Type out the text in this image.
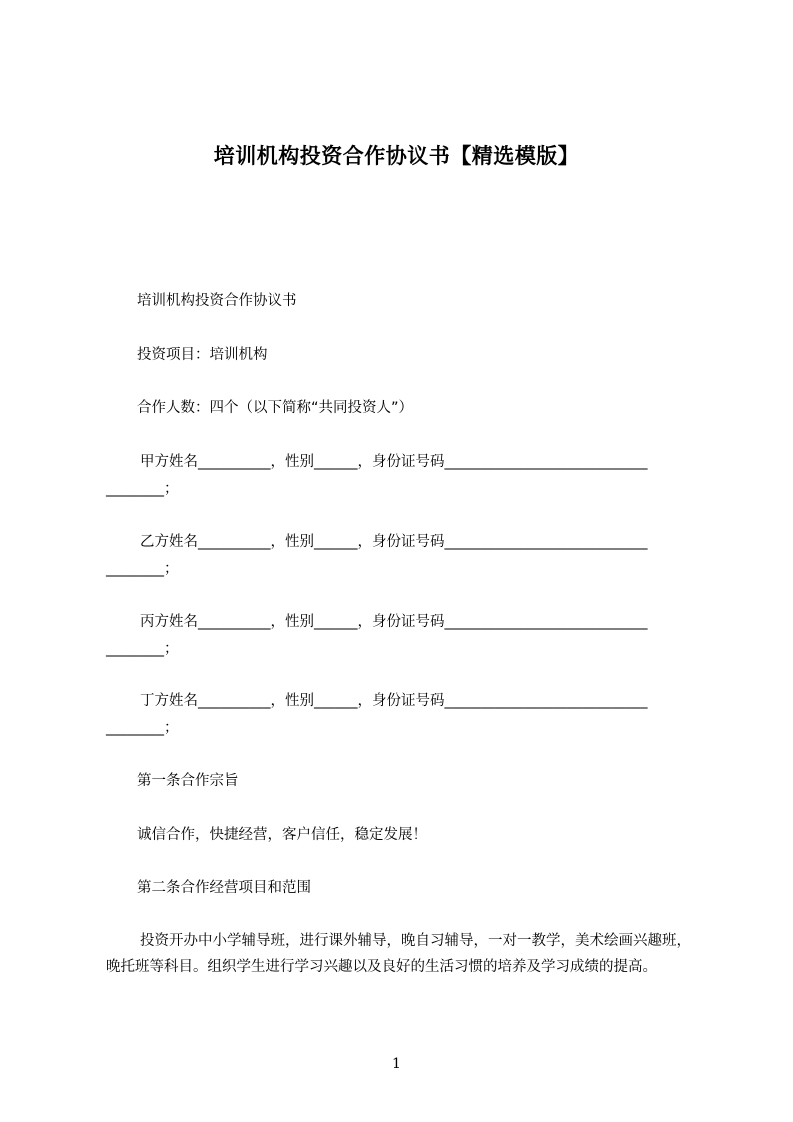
培训机构投资合作协议书【精选模版】
培训机构投资合作协议书
投资项目：培训机构
合作人数：四个（以下简称“共同投资人”）
甲方姓名__________，性别______，身份证号码____________________________
________；
乙方姓名__________，性别______，身份证号码____________________________
________；
丙方姓名__________，性别______，身份证号码____________________________
________；
丁方姓名__________，性别______，身份证号码____________________________
________；
第一条合作宗旨
诚信合作，快捷经营，客户信任，稳定发展！
第二条合作经营项目和范围
投资开办中小学辅导班，进行课外辅导，晚自习辅导，一对一教学，美术绘画兴趣班，晚托班等科目。组织学生进行学习兴趣以及良好的生活习惯的培养及学习成绩的提高。
1
